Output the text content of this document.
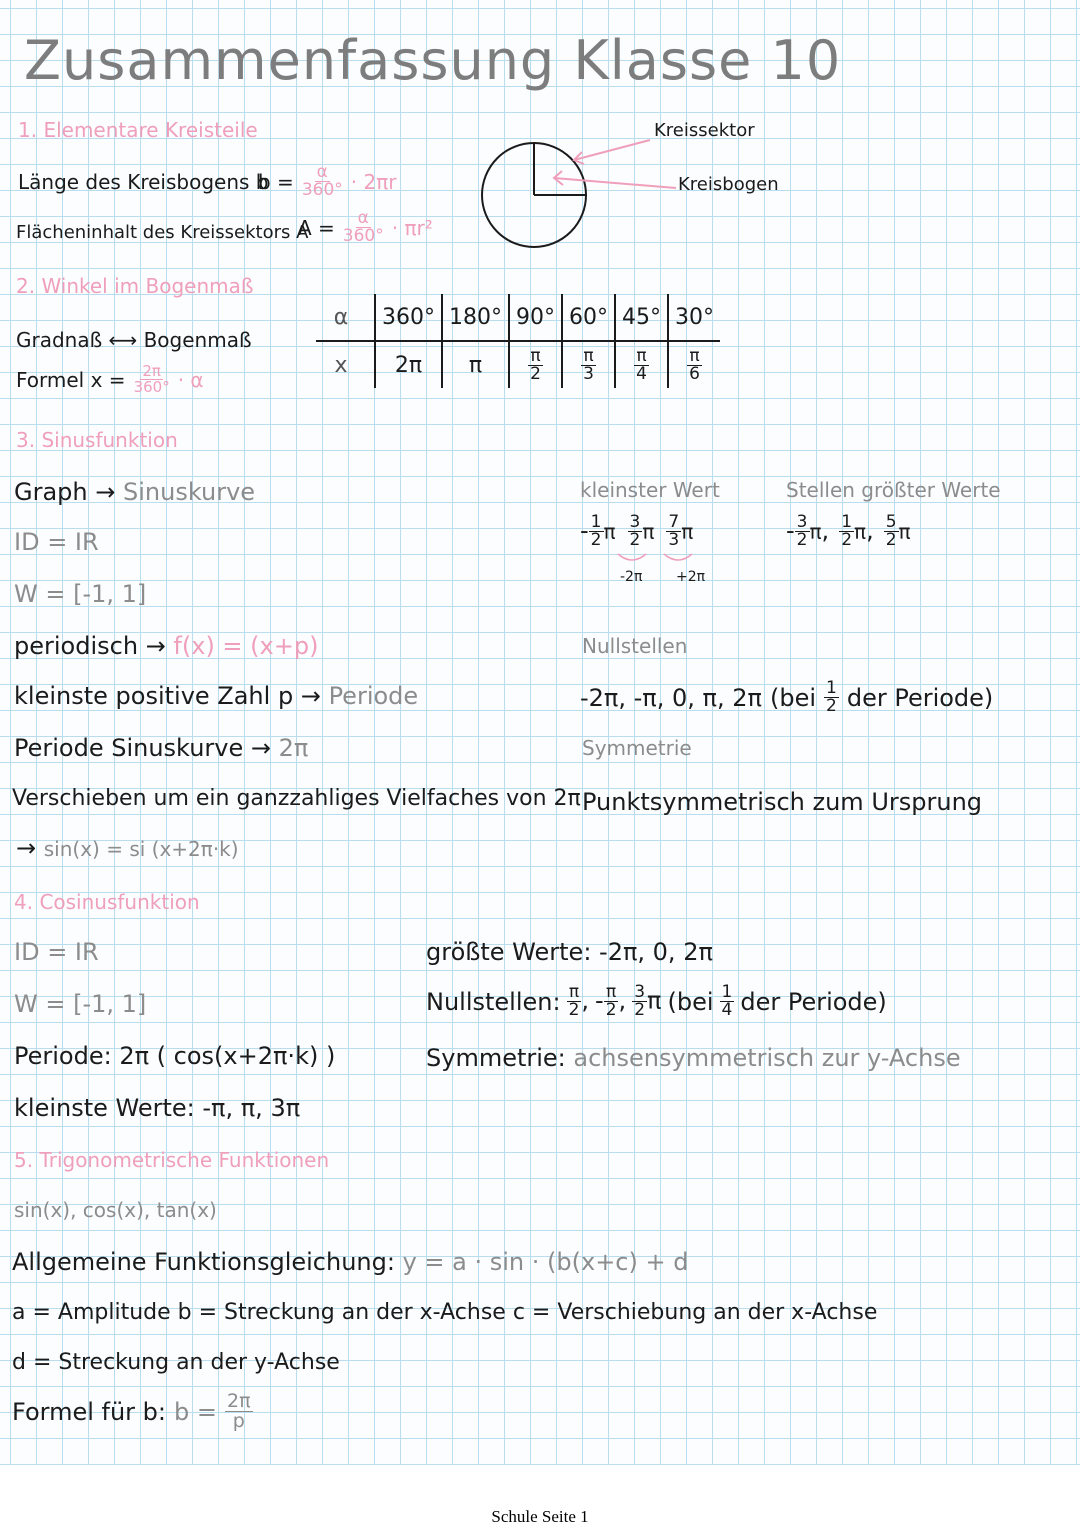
Zusammenfassung Klasse 10
1. Elementare Kreisteile
Länge des Kreisbogens b
$b = \frac{\alpha}{360^\circ} \cdot 2\pi r$
Flächeninhalt des Kreissektors A
$A = \frac{\alpha}{360^\circ} \cdot \pi r^2$
Kreissektor
Kreisbogen
2. Winkel im Bogenmaß
Gradnaß ⟷ Bogenmaß
Formel $x = \frac{2\pi}{360^\circ} \cdot \alpha$
α	360°	180°	90°	60°	45°	30°
x	2π	π	$\frac{\pi}{2}$	$\frac{\pi}{3}$	$\frac{\pi}{4}$	$\frac{\pi}{6}$
3. Sinusfunktion
Graph → Sinuskurve
ID = IR
W = [-1, 1]
periodisch → f(x) = (x+p)
kleinste positive Zahl p → Periode
Periode Sinuskurve → 2π
Verschieben um ein ganzzahliges Vielfaches von 2π
→ sin(x) = si (x+2π·k)
kleinster Wert
- $\frac{1}{2}$ π $\frac{3}{2}$ π $\frac{7}{3}$ π
-2π +2π
Stellen größter Werte
- $\frac{3}{2} \pi$, $\frac{1}{2} \pi$, $\frac{5}{2}$ π
Nullstellen
-2π, -π, 0, π, 2π ($bei \frac{1}{2}$ der Periode)
Symmetrie
Punktsymmetrisch zum Ursprung
4. Cosinusfunktion
ID = IR
W = [-1, 1]
Periode: 2π ( cos(x+2π·k) )
kleinste Werte: -π, π, 3π
größte Werte: -2π, 0, 2π
Nullstellen: $\frac{\pi}{2}$ , - $\frac{\pi}{2}$ , $\frac{3}{2}$ π ($bei \frac{1}{4}$ der Periode)
Symmetrie: achsensymmetrisch zur y-Achse
5. Trigonometrische Funktionen
sin(x), cos(x), tan(x)
Allgemeine Funktionsgleichung: y = a · sin · (b(x+c) + d
a = Amplitude b = Streckung an der x-Achse c = Verschiebung an der x-Achse
d = Streckung an der y-Achse
Formel für b: $b = \frac{2\pi}{p}$
Schule Seite 1
